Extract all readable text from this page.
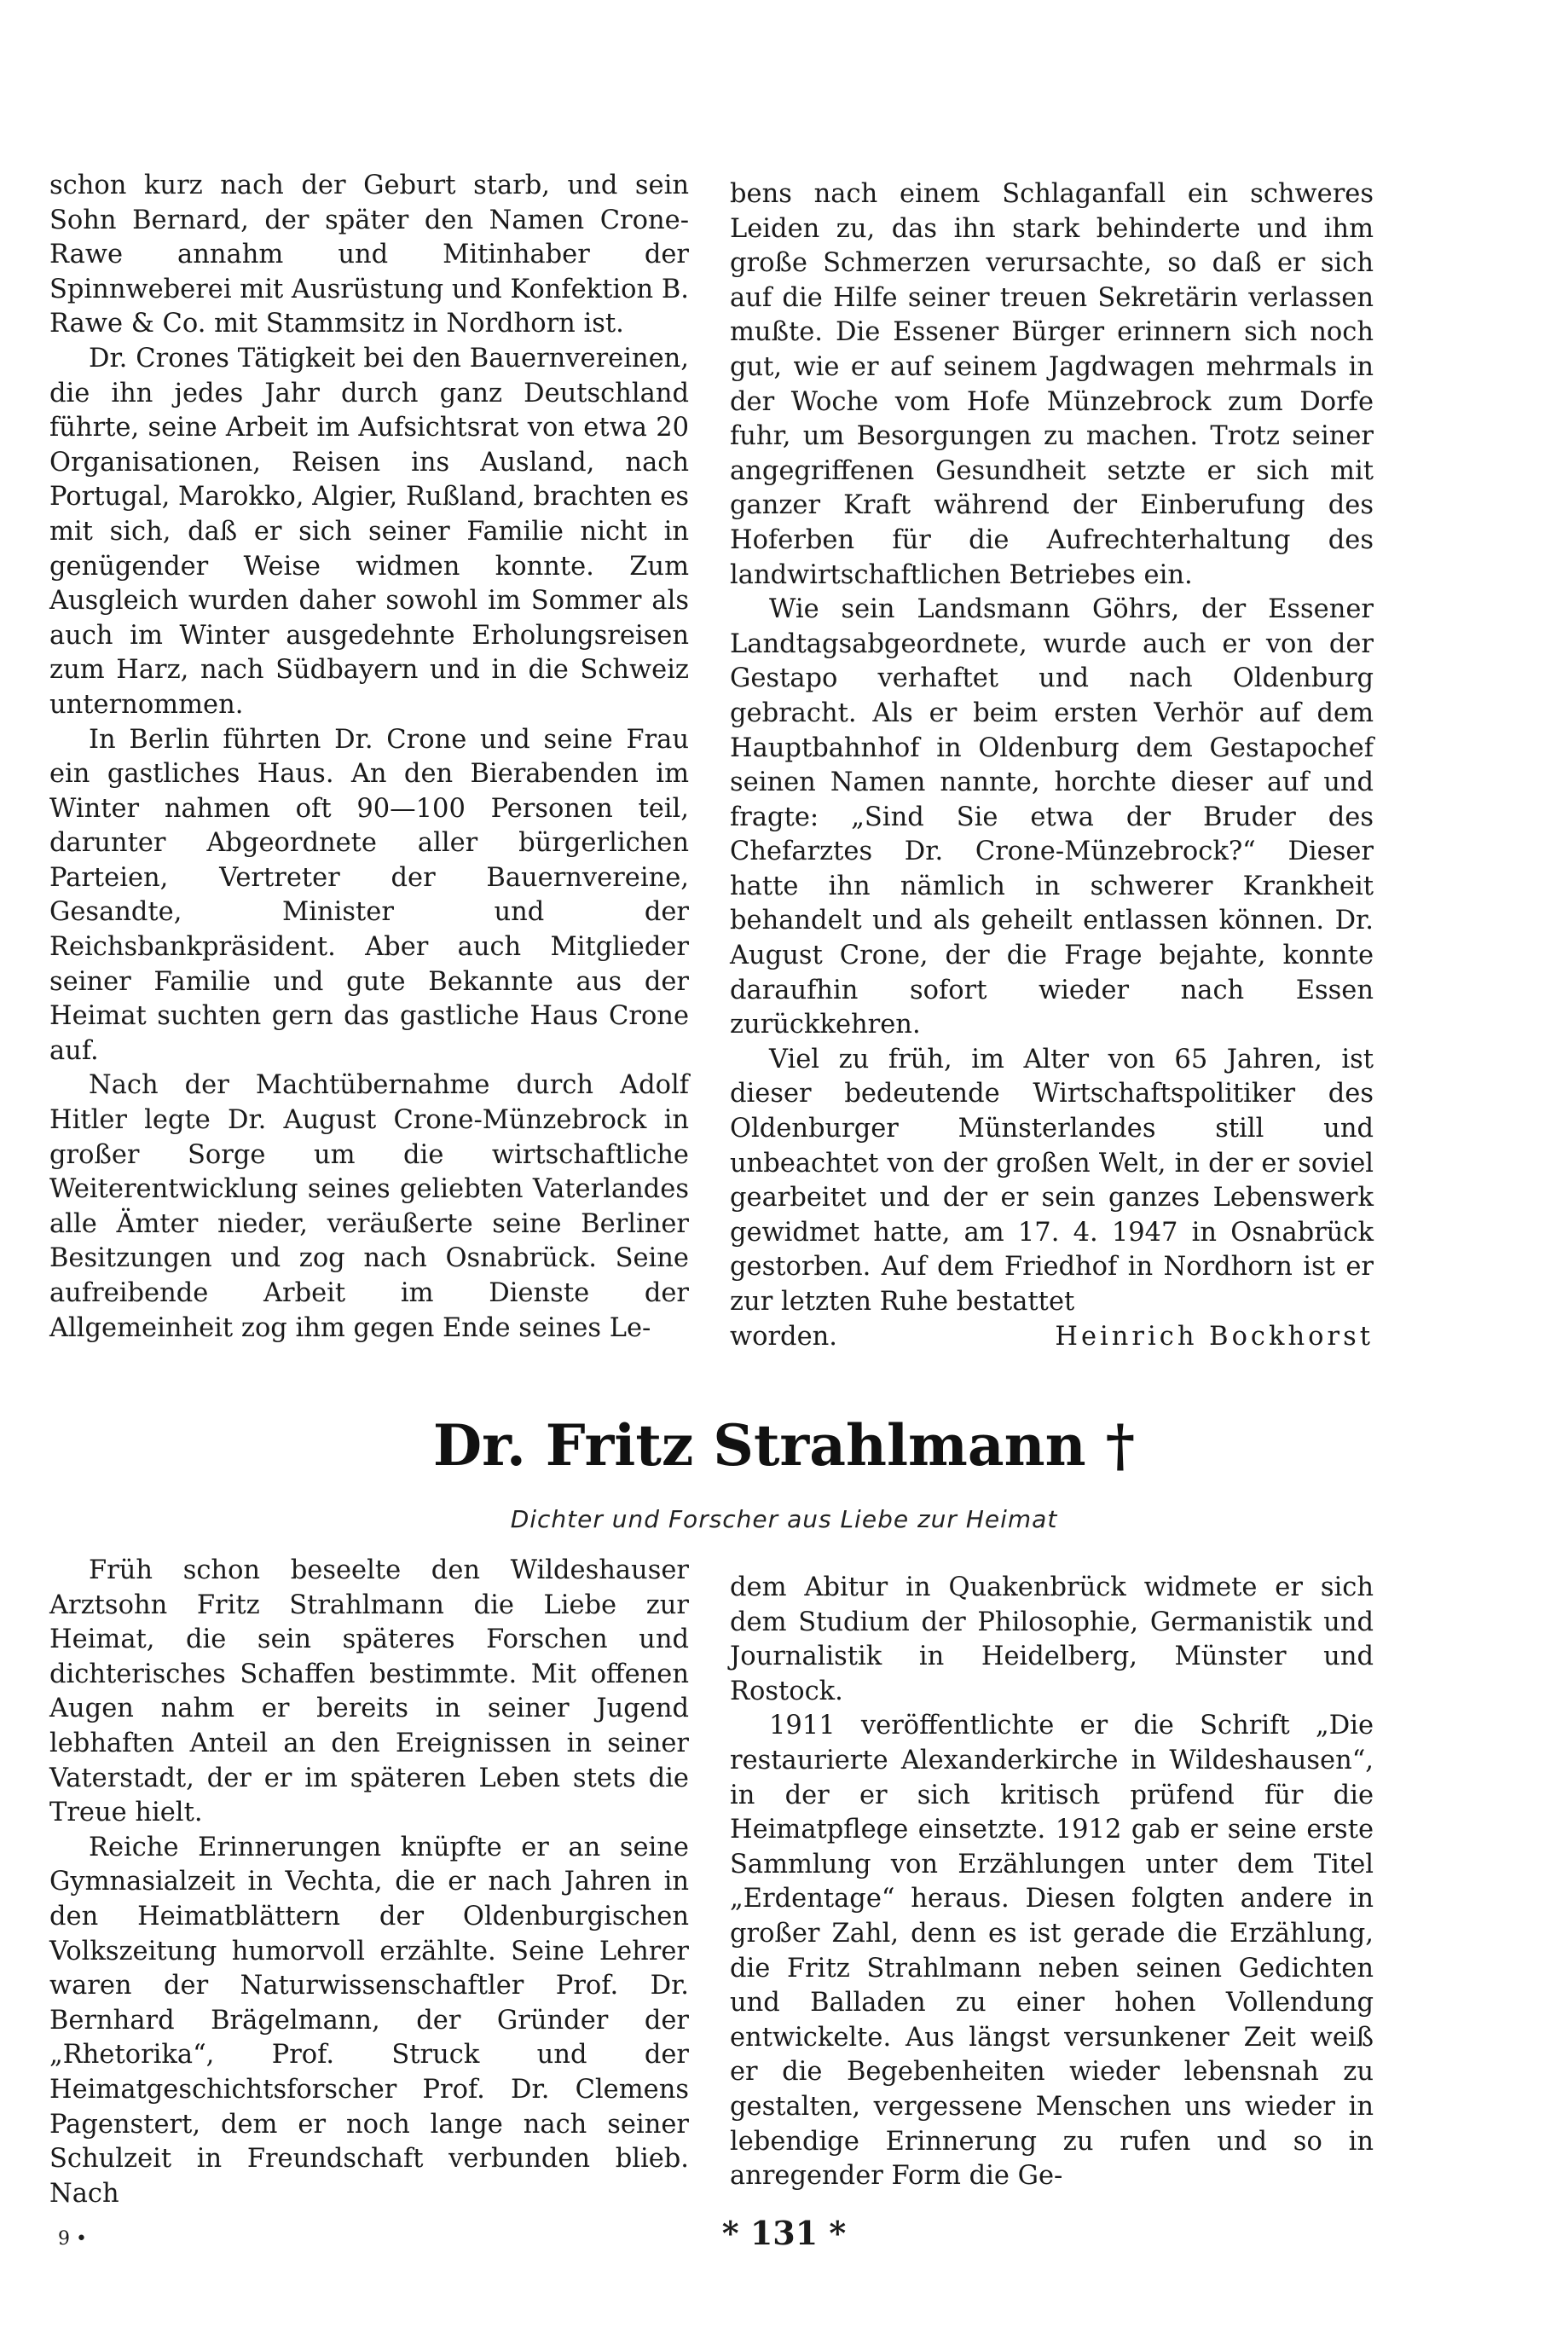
schon kurz nach der Geburt starb, und sein Sohn Bernard, der später den Namen Crone-Rawe annahm und Mitinhaber der Spinnweberei mit Ausrüstung und Konfektion B. Rawe & Co. mit Stammsitz in Nordhorn ist.

Dr. Crones Tätigkeit bei den Bauernvereinen, die ihn jedes Jahr durch ganz Deutschland führte, seine Arbeit im Aufsichtsrat von etwa 20 Organisationen, Reisen ins Ausland, nach Portugal, Marokko, Algier, Rußland, brachten es mit sich, daß er sich seiner Familie nicht in genügender Weise widmen konnte. Zum Ausgleich wurden daher sowohl im Sommer als auch im Winter ausgedehnte Erholungsreisen zum Harz, nach Südbayern und in die Schweiz unternommen.

In Berlin führten Dr. Crone und seine Frau ein gastliches Haus. An den Bierabenden im Winter nahmen oft 90—100 Personen teil, darunter Abgeordnete aller bürgerlichen Parteien, Vertreter der Bauernvereine, Gesandte, Minister und der Reichsbankpräsident. Aber auch Mitglieder seiner Familie und gute Bekannte aus der Heimat suchten gern das gastliche Haus Crone auf.

Nach der Machtübernahme durch Adolf Hitler legte Dr. August Crone-Münzebrock in großer Sorge um die wirtschaftliche Weiterentwicklung seines geliebten Vaterlandes alle Ämter nieder, veräußerte seine Berliner Besitzungen und zog nach Osnabrück. Seine aufreibende Arbeit im Dienste der Allgemeinheit zog ihm gegen Ende seines Le-

bens nach einem Schlaganfall ein schweres Leiden zu, das ihn stark behinderte und ihm große Schmerzen verursachte, so daß er sich auf die Hilfe seiner treuen Sekretärin verlassen mußte. Die Essener Bürger erinnern sich noch gut, wie er auf seinem Jagdwagen mehrmals in der Woche vom Hofe Münzebrock zum Dorfe fuhr, um Besorgungen zu machen. Trotz seiner angegriffenen Gesundheit setzte er sich mit ganzer Kraft während der Einberufung des Hoferben für die Aufrechterhaltung des landwirtschaftlichen Betriebes ein.

Wie sein Landsmann Göhrs, der Essener Landtagsabgeordnete, wurde auch er von der Gestapo verhaftet und nach Oldenburg gebracht. Als er beim ersten Verhör auf dem Hauptbahnhof in Oldenburg dem Gestapochef seinen Namen nannte, horchte dieser auf und fragte: „Sind Sie etwa der Bruder des Chefarztes Dr. Crone-Münzebrock?“ Dieser hatte ihn nämlich in schwerer Krankheit behandelt und als geheilt entlassen können. Dr. August Crone, der die Frage bejahte, konnte daraufhin sofort wieder nach Essen zurückkehren.

Viel zu früh, im Alter von 65 Jahren, ist dieser bedeutende Wirtschaftspolitiker des Oldenburger Münsterlandes still und unbeachtet von der großen Welt, in der er soviel gearbeitet und der er sein ganzes Lebenswerk gewidmet hatte, am 17. 4. 1947 in Osnabrück gestorben. Auf dem Friedhof in Nordhorn ist er zur letzten Ruhe bestattet

worden.	Heinrich Bockhorst

Dr. Fritz Strahlmann †
Dichter und Forscher aus Liebe zur Heimat

Früh schon beseelte den Wildeshauser Arztsohn Fritz Strahlmann die Liebe zur Heimat, die sein späteres Forschen und dichterisches Schaffen bestimmte. Mit offenen Augen nahm er bereits in seiner Jugend lebhaften Anteil an den Ereignissen in seiner Vaterstadt, der er im späteren Leben stets die Treue hielt.

Reiche Erinnerungen knüpfte er an seine Gymnasialzeit in Vechta, die er nach Jahren in den Heimatblättern der Oldenburgischen Volkszeitung humorvoll erzählte. Seine Lehrer waren der Naturwissenschaftler Prof. Dr. Bernhard Brägelmann, der Gründer der „Rhetorika“, Prof. Struck und der Heimatgeschichtsforscher Prof. Dr. Clemens Pagenstert, dem er noch lange nach seiner Schulzeit in Freundschaft verbunden blieb. Nach

dem Abitur in Quakenbrück widmete er sich dem Studium der Philosophie, Germanistik und Journalistik in Heidelberg, Münster und Rostock.

1911 veröffentlichte er die Schrift „Die restaurierte Alexanderkirche in Wildeshausen“, in der er sich kritisch prüfend für die Heimatpflege einsetzte. 1912 gab er seine erste Sammlung von Erzählungen unter dem Titel „Erdentage“ heraus. Diesen folgten andere in großer Zahl, denn es ist gerade die Erzählung, die Fritz Strahlmann neben seinen Gedichten und Balladen zu einer hohen Vollendung entwickelte. Aus längst versunkener Zeit weiß er die Begebenheiten wieder lebensnah zu gestalten, vergessene Menschen uns wieder in lebendige Erinnerung zu rufen und so in anregender Form die Ge-

9 •	* 131 *
